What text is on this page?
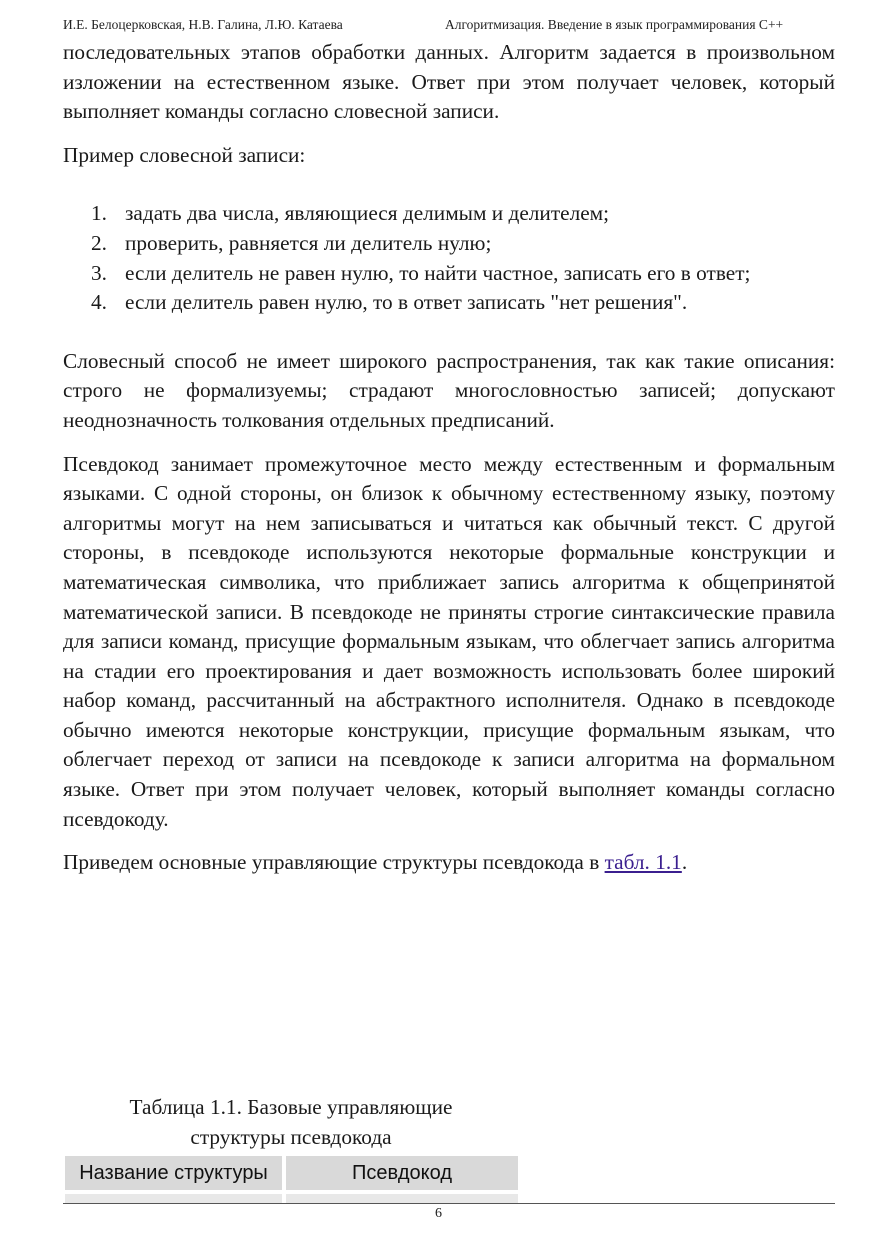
И.Е. Белоцерковская, Н.В. Галина, Л.Ю. Катаева	Алгоритмизация. Введение в язык программирования С++

последовательных этапов обработки данных. Алгоритм задается в произвольном изложении на естественном языке. Ответ при этом получает человек, который выполняет команды согласно словесной записи.

Пример словесной записи:

1. задать два числа, являющиеся делимым и делителем;
2. проверить, равняется ли делитель нулю;
3. если делитель не равен нулю, то найти частное, записать его в ответ;
4. если делитель равен нулю, то в ответ записать "нет решения".

Словесный способ не имеет широкого распространения, так как такие описания: строго не формализуемы; страдают многословностью записей; допускают неоднозначность толкования отдельных предписаний.

Псевдокод занимает промежуточное место между естественным и формальным языками. С одной стороны, он близок к обычному естественному языку, поэтому алгоритмы могут на нем записываться и читаться как обычный текст. С другой стороны, в псевдокоде используются некоторые формальные конструкции и математическая символика, что приближает запись алгоритма к общепринятой математической записи. В псевдокоде не приняты строгие синтаксические правила для записи команд, присущие формальным языкам, что облегчает запись алгоритма на стадии его проектирования и дает возможность использовать более широкий набор команд, рассчитанный на абстрактного исполнителя. Однако в псевдокоде обычно имеются некоторые конструкции, присущие формальным языкам, что облегчает переход от записи на псевдокоде к записи алгоритма на формальном языке. Ответ при этом получает человек, который выполняет команды согласно псевдокоду.

Приведем основные управляющие структуры псевдокода в табл. 1.1.

Таблица 1.1. Базовые управляющие
структуры псевдокода
Название структуры	Псевдокод
6
